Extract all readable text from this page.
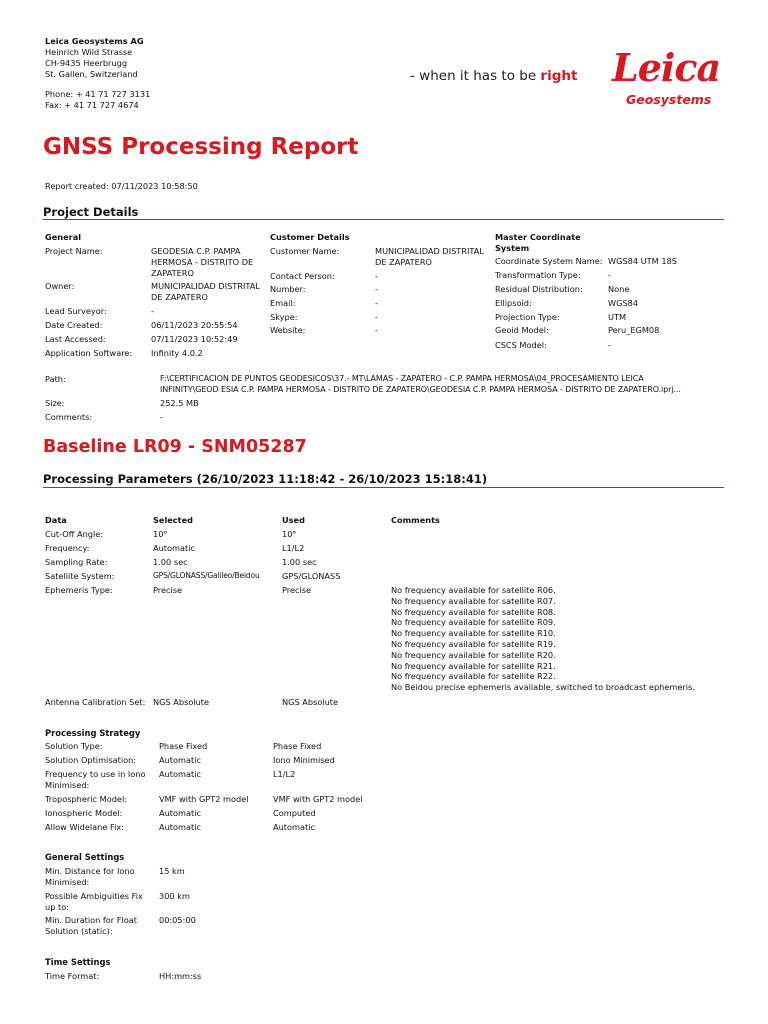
Leica Geosystems AG
Heinrich Wild Strasse
CH-9435 Heerbrugg
St. Gallen, Switzerland
Phone: + 41 71 727 3131
Fax: + 41 71 727 4674
- when it has to be right Leica
Geosystems
GNSS Processing Report
Report created: 07/11/2023 10:58:50
Project Details
General
Project Name:	GEODESIA C.P. PAMPA HERMOSA - DISTRITO DE ZAPATERO
Owner:	MUNICIPALIDAD DISTRITAL DE ZAPATERO
Lead Surveyor:	-
Date Created:	06/11/2023 20:55:54
Last Accessed:	07/11/2023 10:52:49
Application Software: Infinity 4.0.2
Customer Details
Customer Name:	MUNICIPALIDAD DISTRITAL DE ZAPATERO
Contact Person:	-
Number:	-
Email:	-
Skype:	-
Website:	-
Master Coordinate System
Coordinate System Name: WGS84 UTM 18S
Transformation Type:	-
Residual Distribution:	None
Ellipsoid:	WGS84
Projection Type:	UTM
Geoid Model:	Peru_EGM08
CSCS Model:	-
Path:	F:\CERTIFICACION DE PUNTOS GEODESICOS\37.- MT\LAMAS - ZAPATERO - C.P. PAMPA HERMOSA\04_PROCESAMIENTO LEICA
INFINITY\GEOD ESIA C.P. PAMPA HERMOSA - DISTRITO DE ZAPATERO\GEODESIA C.P. PAMPA HERMOSA - DISTRITO DE ZAPATERO.iprj...
Size:	252.5 MB
Comments:	-
Baseline LR09 - SNM05287
Processing Parameters (26/10/2023 11:18:42 - 26/10/2023 15:18:41)
Data	Selected	Used	Comments
Cut-Off Angle:	10°	10°
Frequency:	Automatic	L1/L2
Sampling Rate:	1.00 sec	1.00 sec
Satellite System:	GPS/GLONASS/Galileo/Beidou	GPS/GLONASS
Ephemeris Type:	Precise	Precise	No frequency available for satellite R06.
No frequency available for satellite R07.
No frequency available for satellite R08.
No frequency available for satellite R09.
No frequency available for satellite R10.
No frequency available for satellite R19.
No frequency available for satellite R20.
No frequency available for satellite R21.
No frequency available for satellite R22.
No Beidou precise ephemeris available, switched to broadcast ephemeris.
Antenna Calibration Set: NGS Absolute	NGS Absolute
Processing Strategy
Solution Type:	Phase Fixed	Phase Fixed
Solution Optimisation:	Automatic	Iono Minimised
Frequency to use in Iono Minimised:
Automatic	L1/L2
Tropospheric Model:	VMF with GPT2 model	VMF with GPT2 model
Ionospheric Model:	Automatic	Computed
Allow Widelane Fix:	Automatic	Automatic
General Settings
Min. Distance for Iono Minimised:
15 km
Possible Ambiguities Fix up to:
300 km
Min. Duration for Float Solution (static):
00:05:00
Time Settings
Time Format:	HH:mm:ss
